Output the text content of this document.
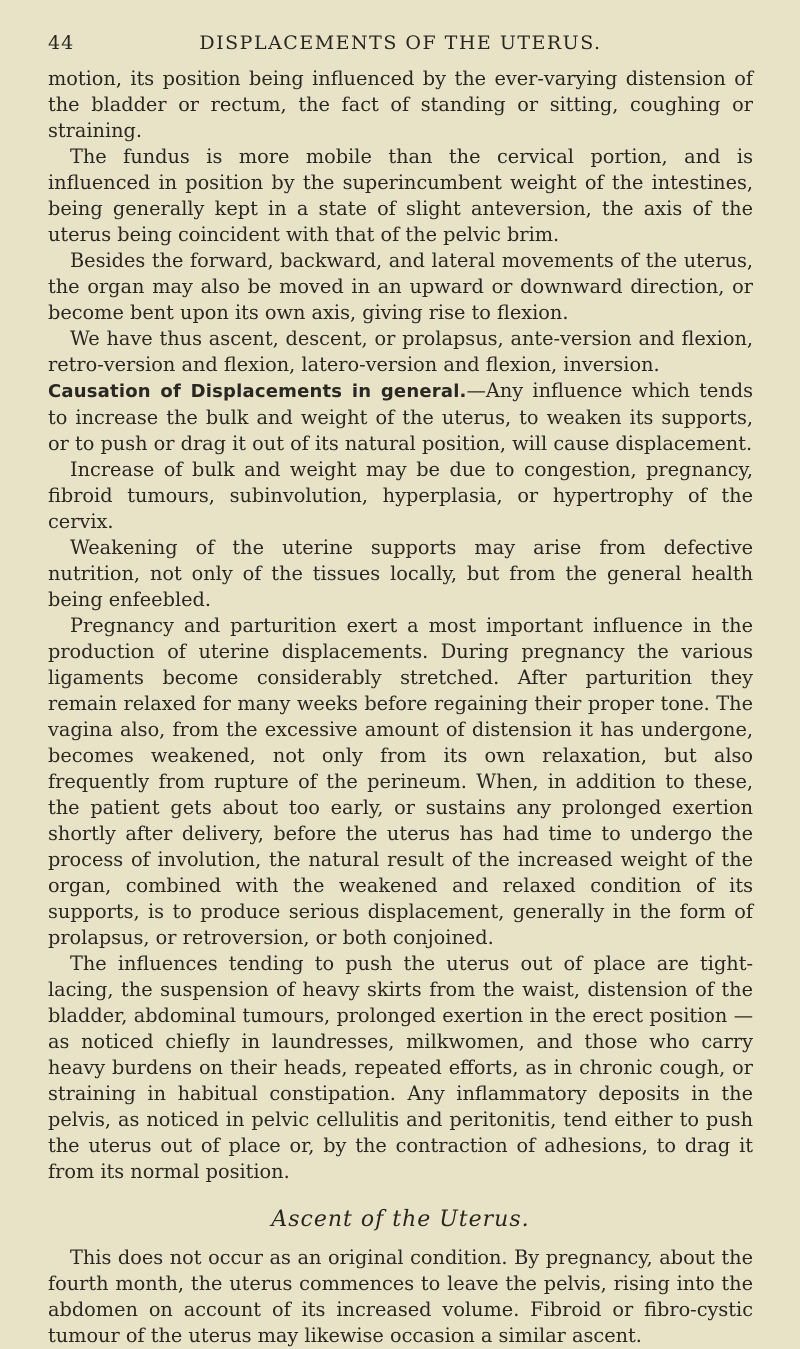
44	DISPLACEMENTS OF THE UTERUS.

motion, its position being influenced by the ever-varying distension of the bladder or rectum, the fact of standing or sitting, coughing or straining.

The fundus is more mobile than the cervical portion, and is influenced in position by the superincumbent weight of the intestines, being generally kept in a state of slight anteversion, the axis of the uterus being coincident with that of the pelvic brim.

Besides the forward, backward, and lateral movements of the uterus, the organ may also be moved in an upward or downward direction, or become bent upon its own axis, giving rise to flexion.

We have thus ascent, descent, or prolapsus, ante-version and flexion, retro-version and flexion, latero-version and flexion, inversion.

Causation of Displacements in general.—Any influence which tends to increase the bulk and weight of the uterus, to weaken its supports, or to push or drag it out of its natural position, will cause displacement.

Increase of bulk and weight may be due to congestion, pregnancy, fibroid tumours, subinvolution, hyperplasia, or hypertrophy of the cervix.

Weakening of the uterine supports may arise from defective nutrition, not only of the tissues locally, but from the general health being enfeebled.

Pregnancy and parturition exert a most important influence in the production of uterine displacements. During pregnancy the various ligaments become considerably stretched. After parturition they remain relaxed for many weeks before regaining their proper tone. The vagina also, from the excessive amount of distension it has undergone, becomes weakened, not only from its own relaxation, but also frequently from rupture of the perineum. When, in addition to these, the patient gets about too early, or sustains any prolonged exertion shortly after delivery, before the uterus has had time to undergo the process of involution, the natural result of the increased weight of the organ, combined with the weakened and relaxed condition of its supports, is to produce serious displacement, generally in the form of prolapsus, or retroversion, or both conjoined.

The influences tending to push the uterus out of place are tight-lacing, the suspension of heavy skirts from the waist, distension of the bladder, abdominal tumours, prolonged exertion in the erect position —as noticed chiefly in laundresses, milkwomen, and those who carry heavy burdens on their heads, repeated efforts, as in chronic cough, or straining in habitual constipation. Any inflammatory deposits in the pelvis, as noticed in pelvic cellulitis and peritonitis, tend either to push the uterus out of place or, by the contraction of adhesions, to drag it from its normal position.

Ascent of the Uterus.

This does not occur as an original condition. By pregnancy, about the fourth month, the uterus commences to leave the pelvis, rising into the abdomen on account of its increased volume. Fibroid or fibro-cystic tumour of the uterus may likewise occasion a similar ascent.
